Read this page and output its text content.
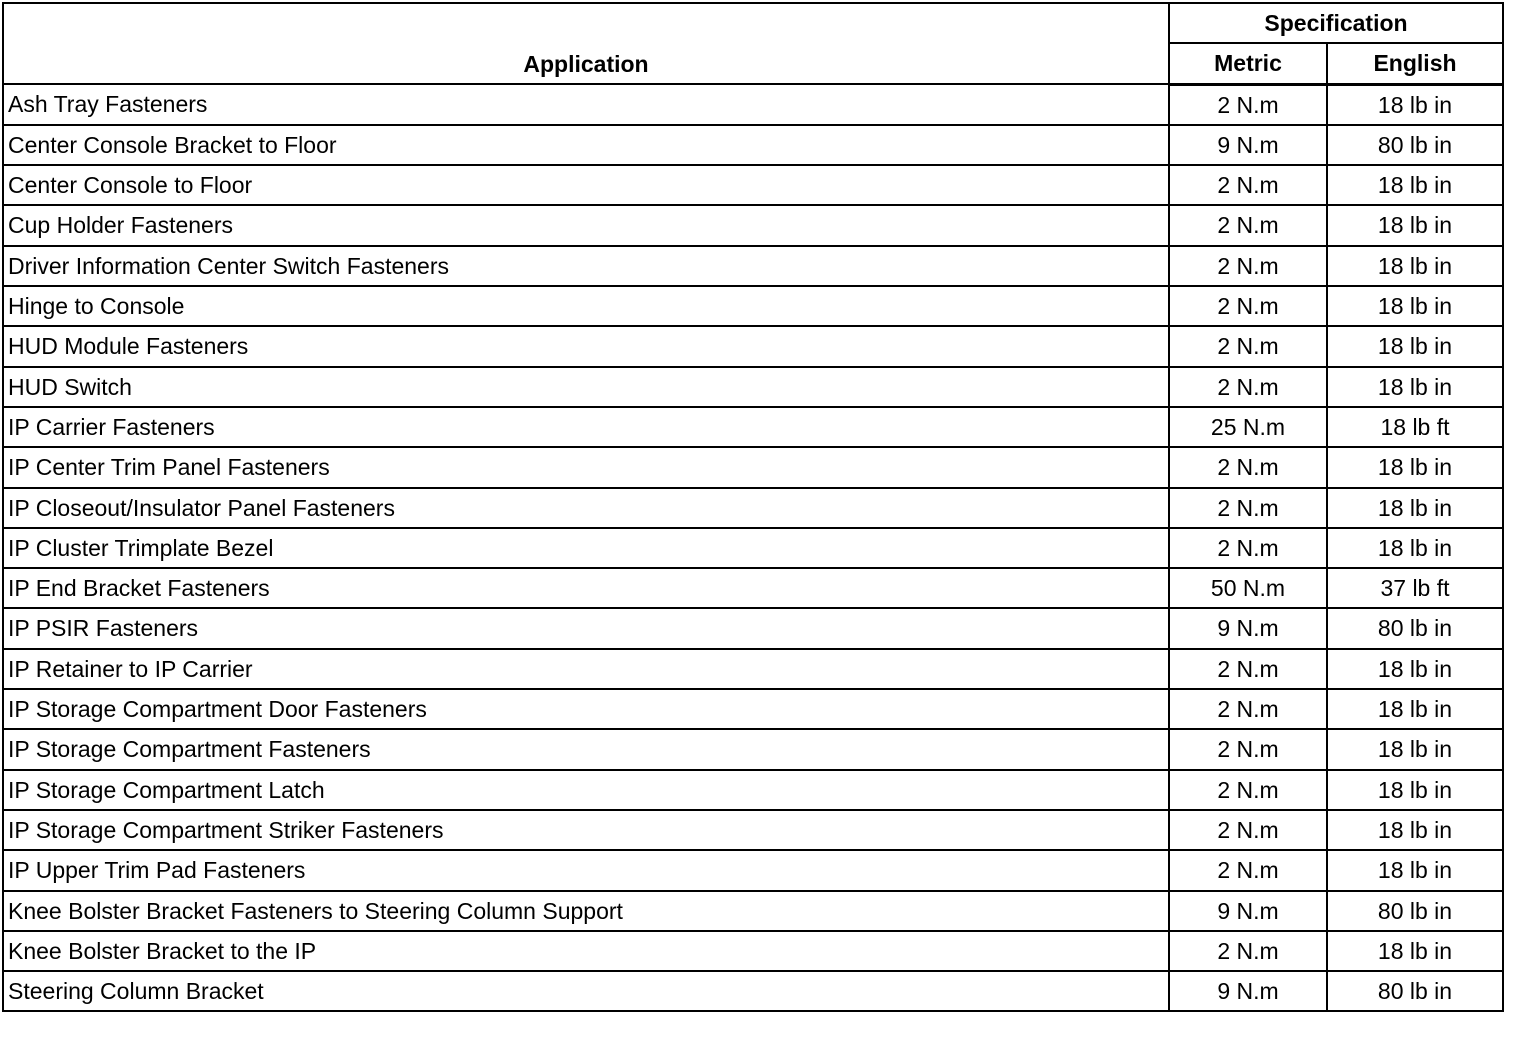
Application	Specification	
	Metric	English
Ash Tray Fasteners	2 N.m	18 lb in
Center Console Bracket to Floor	9 N.m	80 lb in
Center Console to Floor	2 N.m	18 lb in
Cup Holder Fasteners	2 N.m	18 lb in
Driver Information Center Switch Fasteners	2 N.m	18 lb in
Hinge to Console	2 N.m	18 lb in
HUD Module Fasteners	2 N.m	18 lb in
HUD Switch	2 N.m	18 lb in
IP Carrier Fasteners	25 N.m	18 lb ft
IP Center Trim Panel Fasteners	2 N.m	18 lb in
IP Closeout/Insulator Panel Fasteners	2 N.m	18 lb in
IP Cluster Trimplate Bezel	2 N.m	18 lb in
IP End Bracket Fasteners	50 N.m	37 lb ft
IP PSIR Fasteners	9 N.m	80 lb in
IP Retainer to IP Carrier	2 N.m	18 lb in
IP Storage Compartment Door Fasteners	2 N.m	18 lb in
IP Storage Compartment Fasteners	2 N.m	18 lb in
IP Storage Compartment Latch	2 N.m	18 lb in
IP Storage Compartment Striker Fasteners	2 N.m	18 lb in
IP Upper Trim Pad Fasteners	2 N.m	18 lb in
Knee Bolster Bracket Fasteners to Steering Column Support	9 N.m	80 lb in
Knee Bolster Bracket to the IP	2 N.m	18 lb in
Steering Column Bracket	9 N.m	80 lb in
